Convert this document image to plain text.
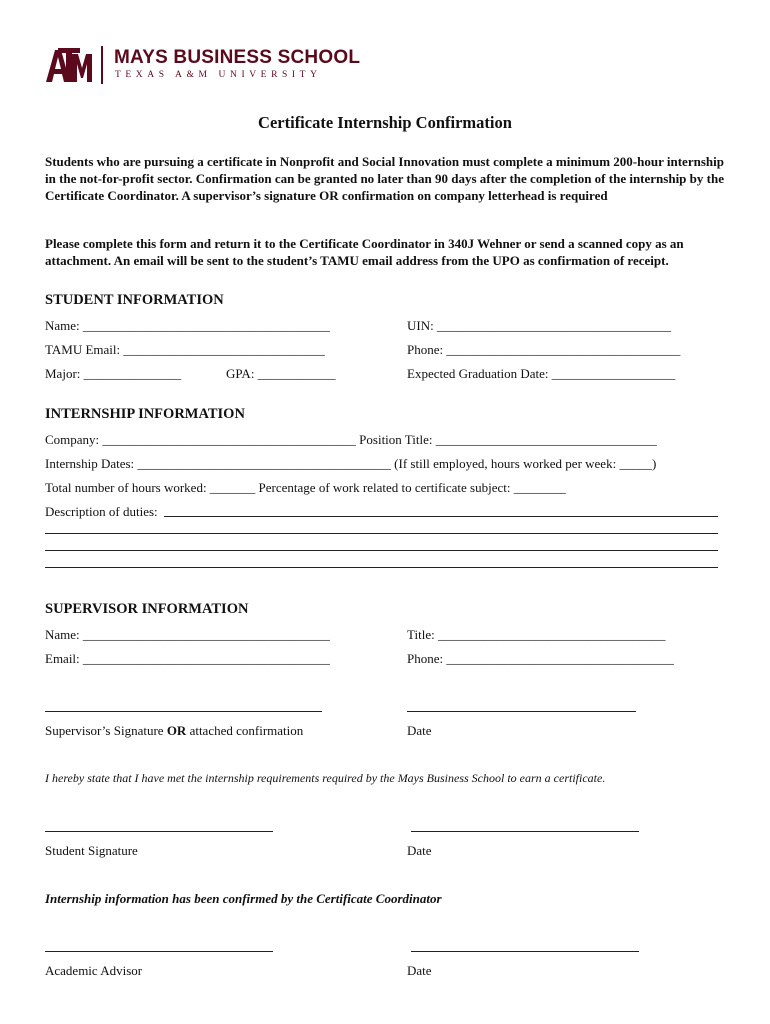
ATM
MAYS BUSINESS SCHOOL
TEXAS A&M UNIVERSITY
Certificate Internship Confirmation
Students who are pursuing a certificate in Nonprofit and Social Innovation must complete a minimum 200-hour internship in the not-for-profit sector. Confirmation can be granted no later than 90 days after the completion of the internship by the Certificate Coordinator. A supervisor’s signature OR confirmation on company letterhead is required
Please complete this form and return it to the Certificate Coordinator in 340J Wehner or send a scanned copy as an attachment. An email will be sent to the student’s TAMU email address from the UPO as confirmation of receipt.
STUDENT INFORMATION
Name: ______________________________________	UIN: ____________________________________
TAMU Email: _______________________________	Phone: ____________________________________
Major: _______________	GPA: ____________	Expected Graduation Date: ___________________
INTERNSHIP INFORMATION
Company: _______________________________________ Position Title: __________________________________
Internship Dates: _______________________________________ (If still employed, hours worked per week: _____)
Total number of hours worked: _______ Percentage of work related to certificate subject: ________
Description of duties:
SUPERVISOR INFORMATION
Name: ______________________________________	Title: ___________________________________
Email: ______________________________________	Phone: ___________________________________
Supervisor’s Signature OR attached confirmation	Date
I hereby state that I have met the internship requirements required by the Mays Business School to earn a certificate.
Student Signature	Date
Internship information has been confirmed by the Certificate Coordinator
Academic Advisor	Date
